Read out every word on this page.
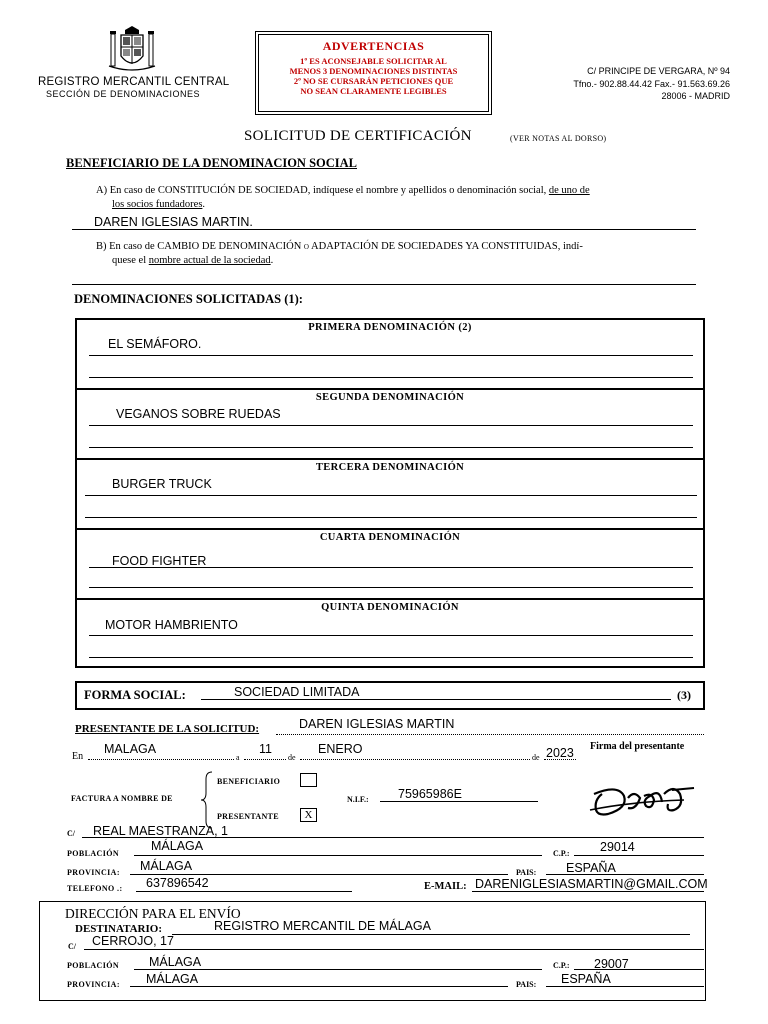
REGISTRO MERCANTIL CENTRAL
SECCIÓN DE DENOMINACIONES
ADVERTENCIAS
1º ES ACONSEJABLE SOLICITAR AL
MENOS 3 DENOMINACIONES DISTINTAS
2º NO SE CURSARÁN PETICIONES QUE
NO SEAN CLARAMENTE LEGIBLES
C/ PRINCIPE DE VERGARA, Nº 94
Tfno.- 902.88.44.42 Fax.- 91.563.69.26
28006 - MADRID
SOLICITUD DE CERTIFICACIÓN	(VER NOTAS AL DORSO)
BENEFICIARIO DE LA DENOMINACION SOCIAL
A) En caso de CONSTITUCIÓN DE SOCIEDAD, indíquese el nombre y apellidos o denominación social, de uno de
los socios fundadores.
DAREN IGLESIAS MARTIN.
B) En caso de CAMBIO DE DENOMINACIÓN o ADAPTACIÓN DE SOCIEDADES YA CONSTITUIDAS, indí-
quese el nombre actual de la sociedad.
DENOMINACIONES SOLICITADAS (1):
PRIMERA DENOMINACIÓN (2)
EL SEMÁFORO.
SEGUNDA DENOMINACIÓN
VEGANOS SOBRE RUEDAS
TERCERA DENOMINACIÓN
BURGER TRUCK
CUARTA DENOMINACIÓN
FOOD FIGHTER
QUINTA DENOMINACIÓN
MOTOR HAMBRIENTO
FORMA SOCIAL:	SOCIEDAD LIMITADA	(3)
PRESENTANTE DE LA SOLICITUD:	DAREN IGLESIAS MARTIN
En
MALAGA
a
11
de
ENERO
de 2023 Firma del presentante
FACTURA A NOMBRE DE
BENEFICIARIO
PRESENTANTE	X
N.I.F.: 75965986E
C/ REAL MAESTRANZA, 1
POBLACIÓN
MÁLAGA
C.P.: 29014
PROVINCIA: MÁLAGA	PAIS: ESPAÑA
TELEFONO .: 637896542	E-MAIL: DARENIGLESIASMARTIN@GMAIL.COM
DIRECCIÓN PARA EL ENVÍO
DESTINATARIO:	REGISTRO MERCANTIL DE MÁLAGA
C/ CERROJO, 17
POBLACIÓN MÁLAGA	C.P.: 29007
PROVINCIA: MÁLAGA	PAIS: ESPAÑA
